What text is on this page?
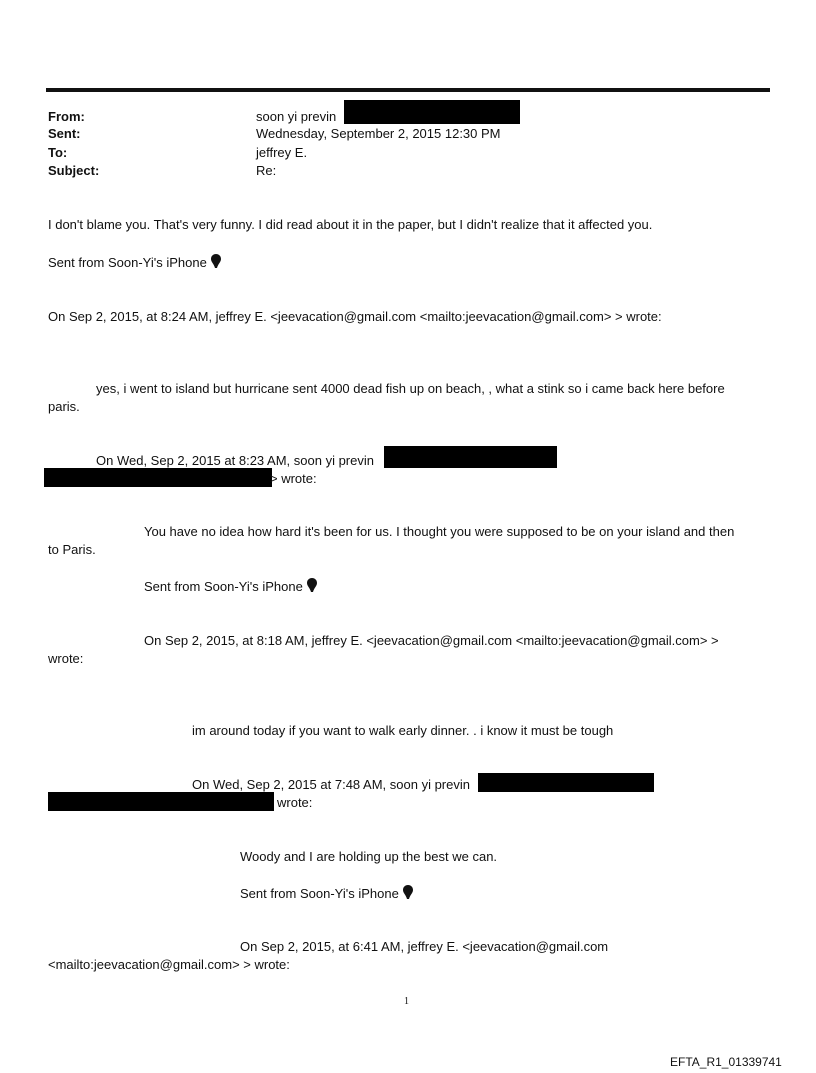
From:	soon yi previn
Sent:	Wednesday, September 2, 2015 12:30 PM
To:	jeffrey E.
Subject:	Re:
I don't blame you. That's very funny. I did read about it in the paper, but I didn't realize that it affected you.
Sent from Soon-Yi's iPhone
On Sep 2, 2015, at 8:24 AM, jeffrey E. <jeevacation@gmail.com <mailto:jeevacation@gmail.com> > wrote:
yes, i went to island but hurricane sent 4000 dead fish up on beach, , what a stink so i came back here before
paris.
On Wed, Sep 2, 2015 at 8:23 AM, soon yi previn
> wrote:
You have no idea how hard it's been for us. I thought you were supposed to be on your island and then
to Paris.
Sent from Soon-Yi's iPhone
On Sep 2, 2015, at 8:18 AM, jeffrey E. <jeevacation@gmail.com <mailto:jeevacation@gmail.com> >
wrote:
im around today if you want to walk early dinner. . i know it must be tough
On Wed, Sep 2, 2015 at 7:48 AM, soon yi previn
wrote:
Woody and I are holding up the best we can.
Sent from Soon-Yi's iPhone
On Sep 2, 2015, at 6:41 AM, jeffrey E. <jeevacation@gmail.com
<mailto:jeevacation@gmail.com> > wrote:
1
EFTA_R1_01339741
